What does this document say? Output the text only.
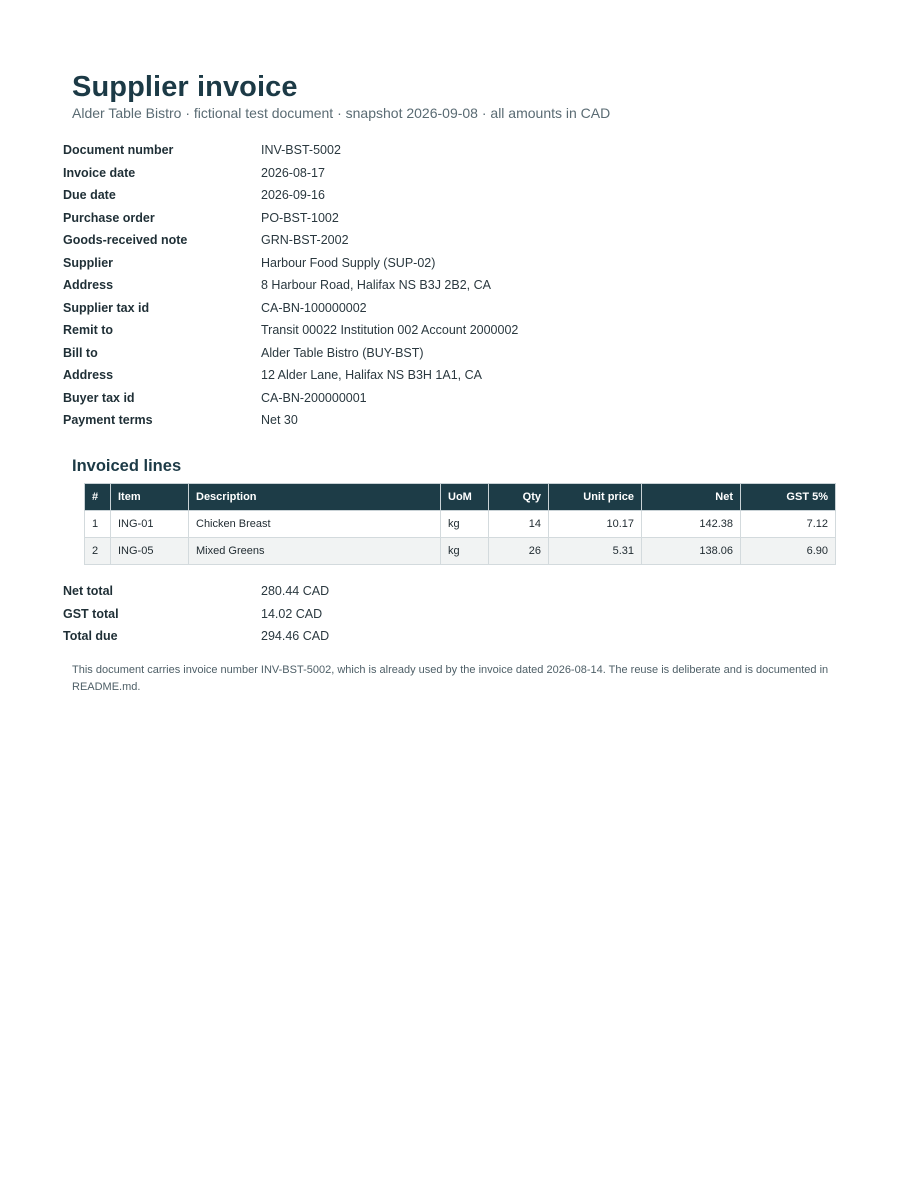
Supplier invoice
Alder Table Bistro · fictional test document · snapshot 2026-09-08 · all amounts in CAD
Document number	INV-BST-5002
Invoice date	2026-08-17
Due date	2026-09-16
Purchase order	PO-BST-1002
Goods-received note	GRN-BST-2002
Supplier	Harbour Food Supply (SUP-02)
Address	8 Harbour Road, Halifax NS B3J 2B2, CA
Supplier tax id	CA-BN-100000002
Remit to	Transit 00022 Institution 002 Account 2000002
Bill to	Alder Table Bistro (BUY-BST)
Address	12 Alder Lane, Halifax NS B3H 1A1, CA
Buyer tax id	CA-BN-200000001
Payment terms	Net 30
Invoiced lines
#	Item	Description	UoM	Qty	Unit price	Net	GST 5%
1	ING-01	Chicken Breast	kg	14	10.17	142.38	7.12
2	ING-05	Mixed Greens	kg	26	5.31	138.06	6.90
Net total	280.44 CAD
GST total	14.02 CAD
Total due	294.46 CAD
This document carries invoice number INV-BST-5002, which is already used by the invoice dated 2026-08-14. The reuse is deliberate and is documented in README.md.
